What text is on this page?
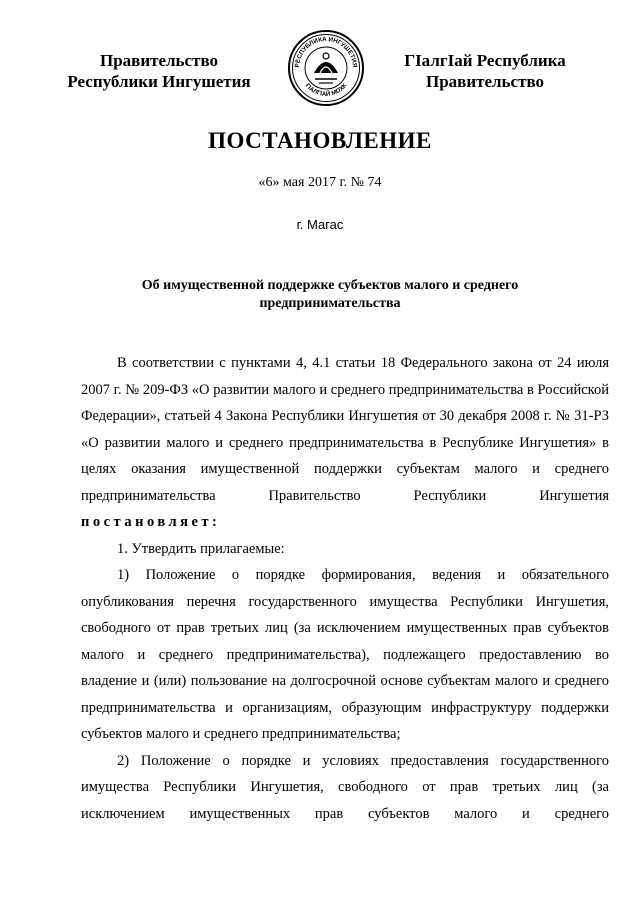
Правительство
Республики Ингушетия
РЕСПУБЛИКА ИНГУШЕТИЯ
ГIАЛГIАЙ МОХК
ГIалгIай Республика
Правительство
ПОСТАНОВЛЕНИЕ
«6» мая 2017 г. № 74
г. Магас
Об имущественной поддержке субъектов малого и среднего предпринимательства

В соответствии с пунктами 4, 4.1 статьи 18 Федерального закона от 24 июля 2007 г. № 209-ФЗ «О развитии малого и среднего предпринимательства в Российской Федерации», статьей 4 Закона Республики Ингушетия от 30 декабря 2008 г. № 31-РЗ «О развитии малого и среднего предпринимательства в Республике Ингушетия» в целях оказания имущественной поддержки субъектам малого и среднего предпринимательства Правительство Республики Ингушетия

постановляет:

1. Утвердить прилагаемые:

1) Положение о порядке формирования, ведения и обязательного опубликования перечня государственного имущества Республики Ингушетия, свободного от прав третьих лиц (за исключением имущественных прав субъектов малого и среднего предпринимательства), подлежащего предоставлению во владение и (или) пользование на долгосрочной основе субъектам малого и среднего предпринимательства и организациям, образующим инфраструктуру поддержки субъектов малого и среднего предпринимательства;

2) Положение о порядке и условиях предоставления государственного имущества Республики Ингушетия, свободного от прав третьих лиц (за исключением имущественных прав субъектов малого и среднего
